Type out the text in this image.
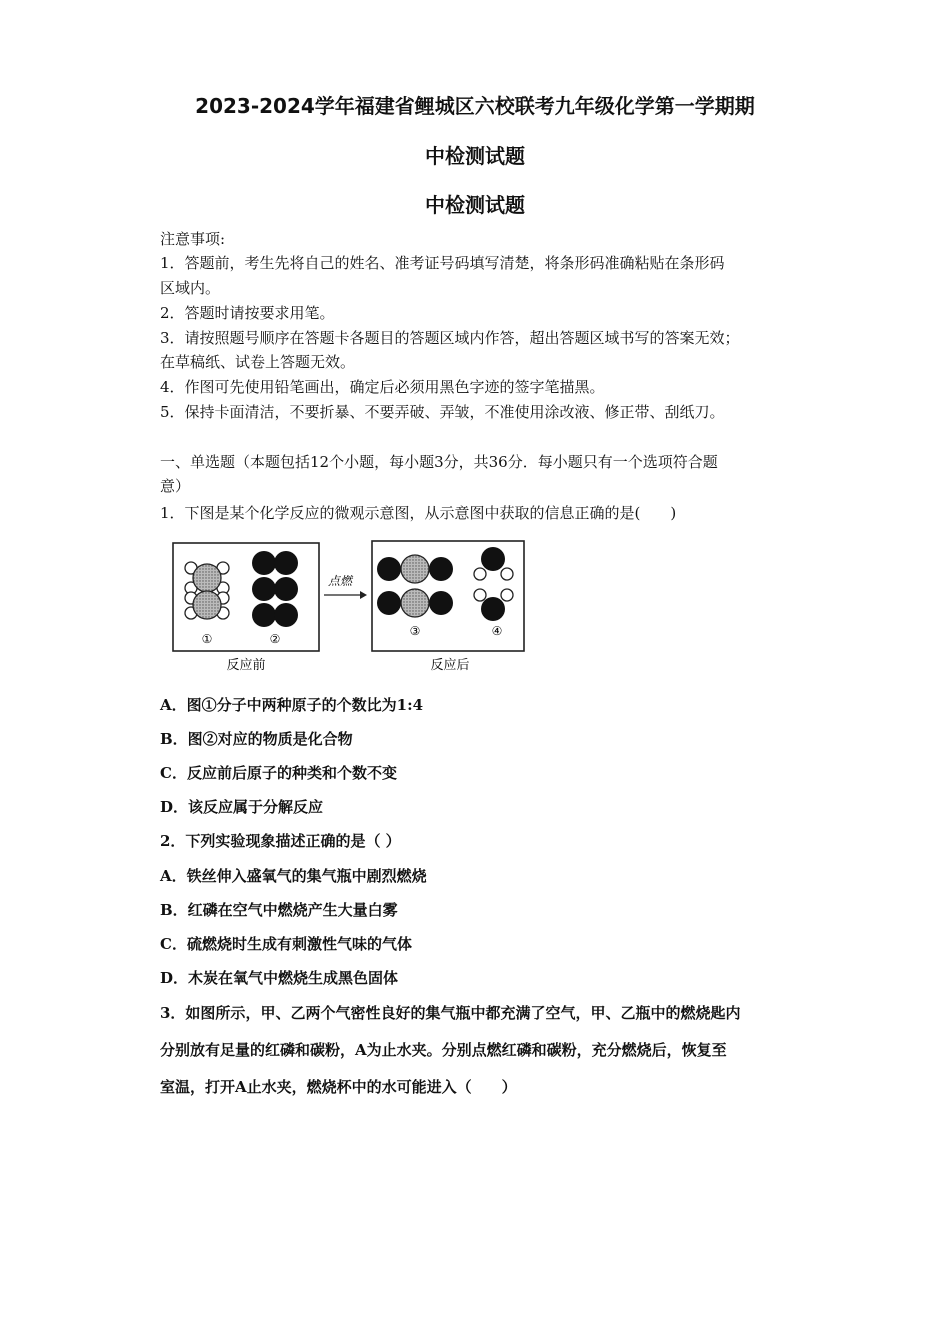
2023-2024学年福建省鲤城区六校联考九年级化学第一学期期
中检测试题
中检测试题
注意事项:
1．答题前，考生先将自己的姓名、准考证号码填写清楚，将条形码准确粘贴在条形码
区域内。
2．答题时请按要求用笔。
3．请按照题号顺序在答题卡各题目的答题区域内作答，超出答题区域书写的答案无效；
在草稿纸、试卷上答题无效。
4．作图可先使用铅笔画出，确定后必须用黑色字迹的签字笔描黑。
5．保持卡面清洁，不要折暴、不要弄破、弄皱，不准使用涂改液、修正带、刮纸刀。
一、单选题（本题包括12个小题，每小题3分，共36分．每小题只有一个选项符合题
意）
1．下图是某个化学反应的微观示意图，从示意图中获取的信息正确的是(　　)
①	②
反应前
点燃
③	④
反应后
A．图①分子中两种原子的个数比为1:4
B．图②对应的物质是化合物
C．反应前后原子的种类和个数不变
D．该反应属于分解反应
2．下列实验现象描述正确的是（ ）
A．铁丝伸入盛氧气的集气瓶中剧烈燃烧
B．红磷在空气中燃烧产生大量白雾
C．硫燃烧时生成有刺激性气味的气体
D．木炭在氧气中燃烧生成黑色固体
3．如图所示，甲、乙两个气密性良好的集气瓶中都充满了空气，甲、乙瓶中的燃烧匙内
分别放有足量的红磷和碳粉，A为止水夹。分别点燃红磷和碳粉，充分燃烧后，恢复至
室温，打开A止水夹，燃烧杯中的水可能进入（　　）
